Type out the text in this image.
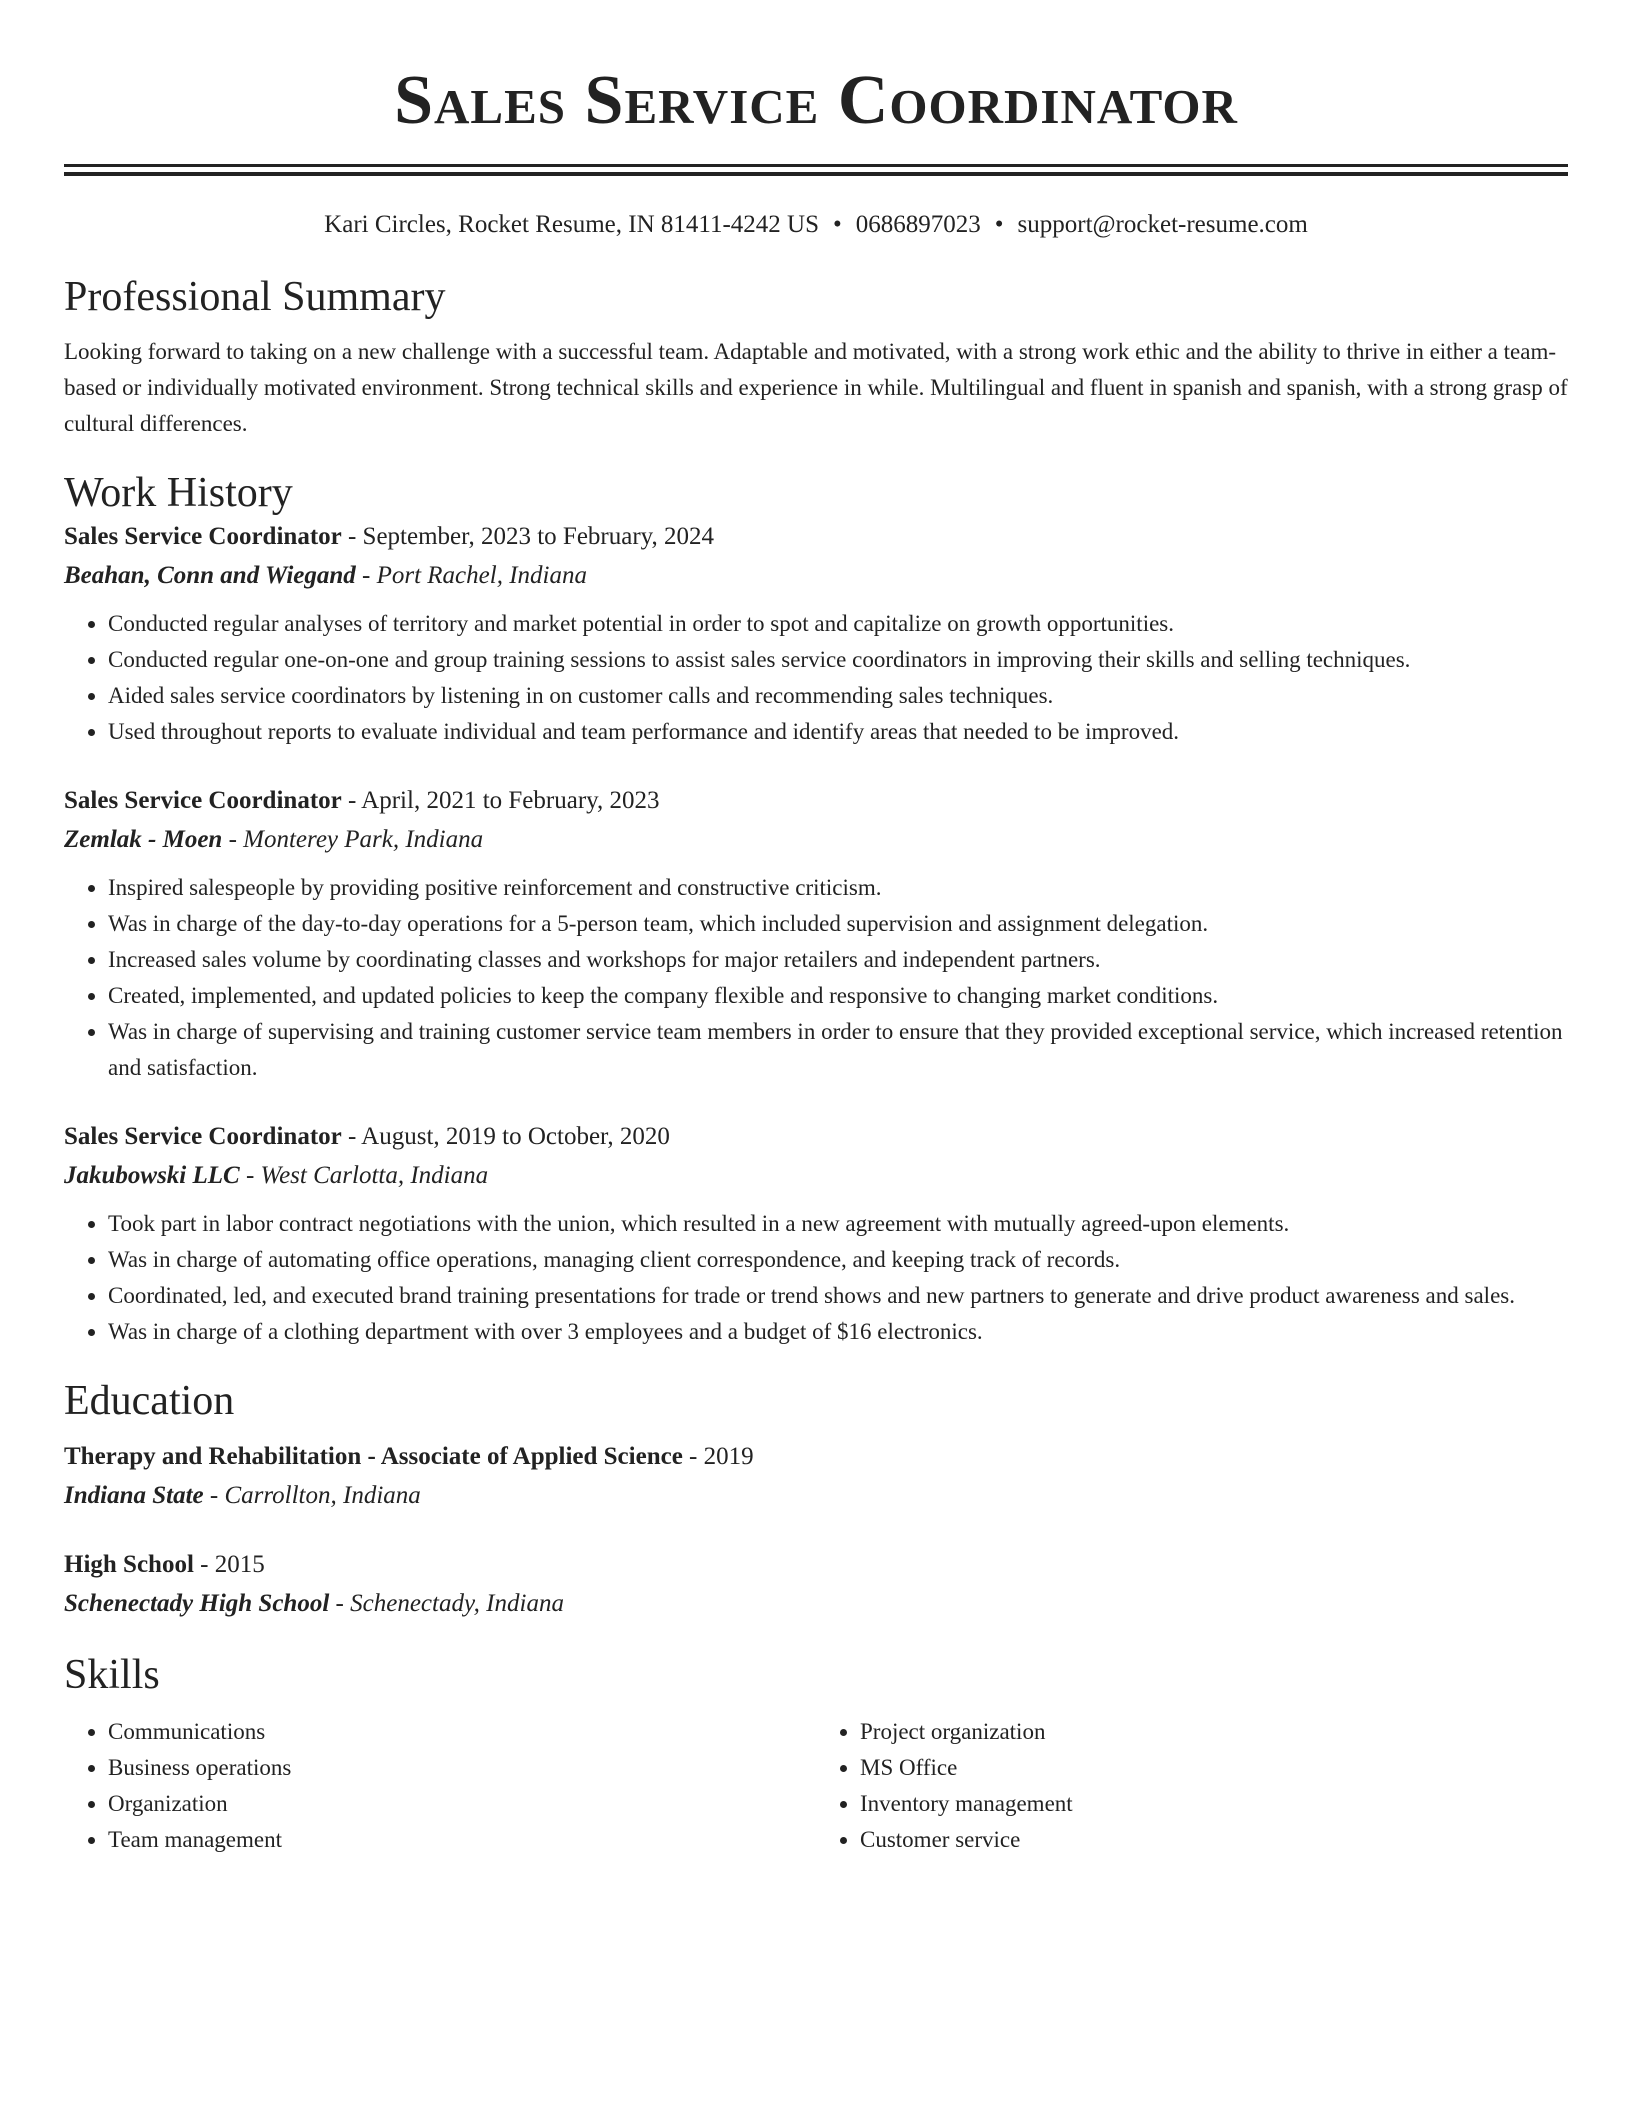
Sales Service Coordinator
Kari Circles, Rocket Resume, IN 81411-4242 US • 0686897023 • support@rocket-resume.com
Professional Summary

Looking forward to taking on a new challenge with a successful team. Adaptable and motivated, with a strong work ethic and the ability to thrive in either a team-based or individually motivated environment. Strong technical skills and experience in while. Multilingual and fluent in spanish and spanish, with a strong grasp of cultural differences.

Work History

Sales Service Coordinator - September, 2023 to February, 2024

Beahan, Conn and Wiegand - Port Rachel, Indiana

• Conducted regular analyses of territory and market potential in order to spot and capitalize on growth opportunities.
• Conducted regular one-on-one and group training sessions to assist sales service coordinators in improving their skills and selling techniques.
• Aided sales service coordinators by listening in on customer calls and recommending sales techniques.
• Used throughout reports to evaluate individual and team performance and identify areas that needed to be improved.

Sales Service Coordinator - April, 2021 to February, 2023

Zemlak - Moen - Monterey Park, Indiana

• Inspired salespeople by providing positive reinforcement and constructive criticism.
• Was in charge of the day-to-day operations for a 5-person team, which included supervision and assignment delegation.
• Increased sales volume by coordinating classes and workshops for major retailers and independent partners.
• Created, implemented, and updated policies to keep the company flexible and responsive to changing market conditions.
• Was in charge of supervising and training customer service team members in order to ensure that they provided exceptional service, which increased retention and satisfaction.

Sales Service Coordinator - August, 2019 to October, 2020

Jakubowski LLC - West Carlotta, Indiana

• Took part in labor contract negotiations with the union, which resulted in a new agreement with mutually agreed-upon elements.
• Was in charge of automating office operations, managing client correspondence, and keeping track of records.
• Coordinated, led, and executed brand training presentations for trade or trend shows and new partners to generate and drive product awareness and sales.
• Was in charge of a clothing department with over 3 employees and a budget of $16 electronics.
Education

Therapy and Rehabilitation - Associate of Applied Science - 2019

Indiana State - Carrollton, Indiana

High School - 2015

Schenectady High School - Schenectady, Indiana

Skills
• Communications
• Business operations
• Organization
• Team management
• Project organization
• MS Office
• Inventory management
• Customer service
